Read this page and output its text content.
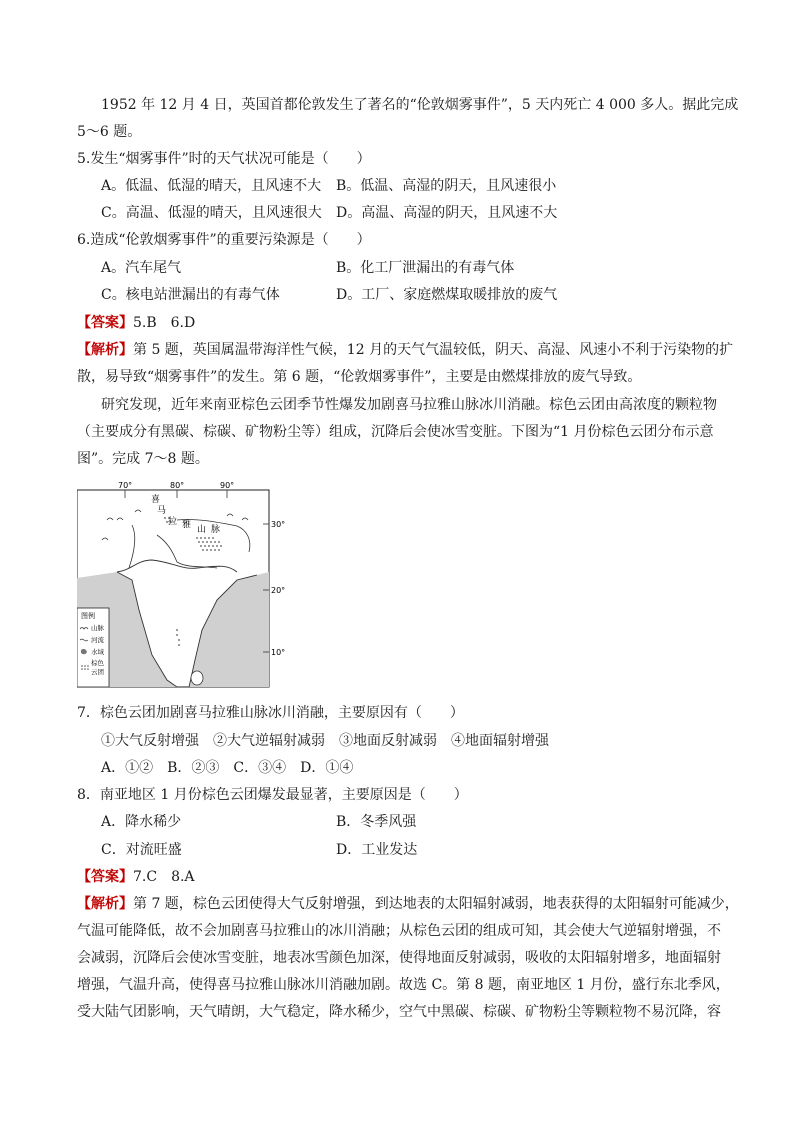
1952 年 12 月 4 日，英国首都伦敦发生了著名的“伦敦烟雾事件”，5 天内死亡 4 000 多人。据此完成
5～6 题。
5.发生“烟雾事件”时的天气状况可能是（　　）
A。低温、低湿的晴天，且风速不大 B。低温、高湿的阴天，且风速很小
C。高温、低湿的晴天，且风速很大 D。高温、高湿的阴天，且风速不大
6.造成“伦敦烟雾事件”的重要污染源是（　　）
A。汽车尾气	B。化工厂泄漏出的有毒气体
C。核电站泄漏出的有毒气体	D。工厂、家庭燃煤取暖排放的废气
【答案】5.B　6.D
【解析】第 5 题，英国属温带海洋性气候，12 月的天气气温较低，阴天、高湿、风速小不利于污染物的扩
散，易导致“烟雾事件”的发生。第 6 题，“伦敦烟雾事件”，主要是由燃煤排放的废气导致。
研究发现，近年来南亚棕色云团季节性爆发加剧喜马拉雅山脉冰川消融。棕色云团由高浓度的颗粒物
（主要成分有黑碳、棕碳、矿物粉尘等）组成，沉降后会使冰雪变脏。下图为“1 月份棕色云团分布示意
图”。完成 7～8 题。
70°	80°	90°
30°
20°
10°
喜
马
拉 雅 山 脉
图例
山脉
河流
水域
棕色
云团
7．棕色云团加剧喜马拉雅山脉冰川消融，主要原因有（　　）
①大气反射增强　②大气逆辐射减弱　③地面反射减弱　④地面辐射增强
A．①②　B．②③　C．③④　D．①④
8．南亚地区 1 月份棕色云团爆发最显著，主要原因是（　　）
A．降水稀少	B．冬季风强
C．对流旺盛	D．工业发达
【答案】7.C　8.A
【解析】第 7 题，棕色云团使得大气反射增强，到达地表的太阳辐射减弱，地表获得的太阳辐射可能减少，
气温可能降低，故不会加剧喜马拉雅山的冰川消融；从棕色云团的组成可知，其会使大气逆辐射增强，不
会减弱，沉降后会使冰雪变脏，地表冰雪颜色加深，使得地面反射减弱，吸收的太阳辐射增多，地面辐射
增强，气温升高，使得喜马拉雅山脉冰川消融加剧。故选 C。第 8 题，南亚地区 1 月份，盛行东北季风，
受大陆气团影响，天气晴朗，大气稳定，降水稀少，空气中黑碳、棕碳、矿物粉尘等颗粒物不易沉降，容
